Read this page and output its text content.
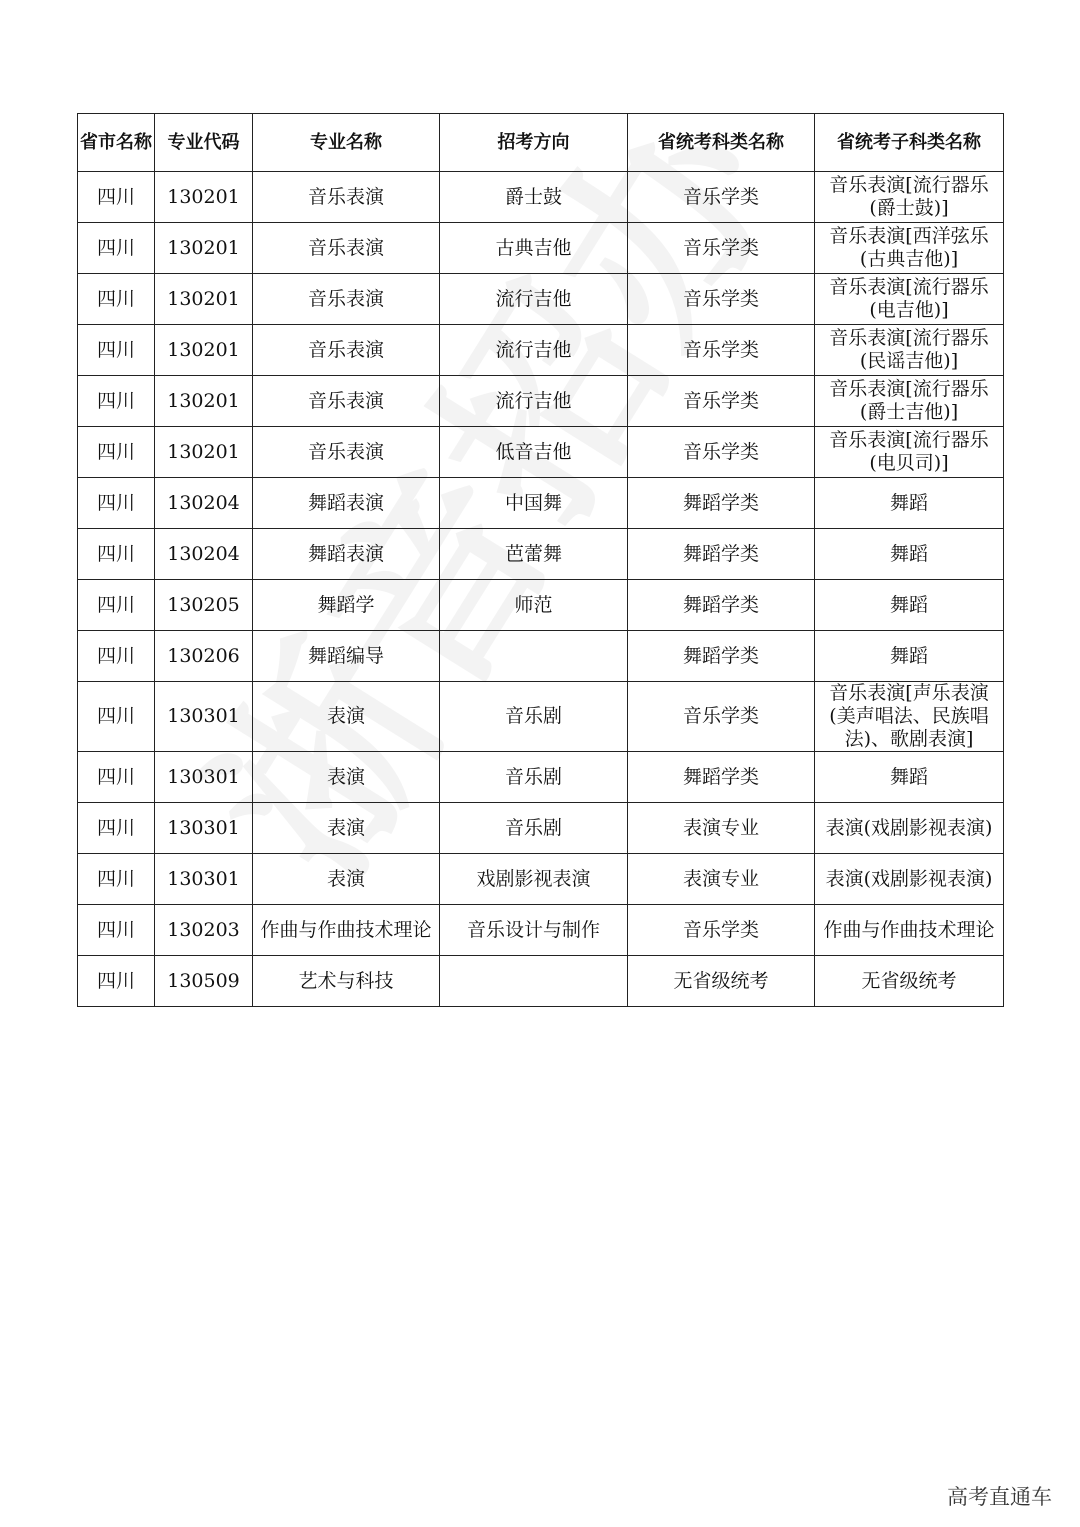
省市名称	专业代码	专业名称	招考方向	省统考科类名称	省统考子科类名称
四川	130201	音乐表演	爵士鼓	音乐学类	音乐表演[流行器乐(爵士鼓)]
四川	130201	音乐表演	古典吉他	音乐学类	音乐表演[西洋弦乐(古典吉他)]
四川	130201	音乐表演	流行吉他	音乐学类	音乐表演[流行器乐(电吉他)]
四川	130201	音乐表演	流行吉他	音乐学类	音乐表演[流行器乐(民谣吉他)]
四川	130201	音乐表演	流行吉他	音乐学类	音乐表演[流行器乐(爵士吉他)]
四川	130201	音乐表演	低音吉他	音乐学类	音乐表演[流行器乐(电贝司)]
四川	130204	舞蹈表演	中国舞	舞蹈学类	舞蹈
四川	130204	舞蹈表演	芭蕾舞	舞蹈学类	舞蹈
四川	130205	舞蹈学	师范	舞蹈学类	舞蹈
四川	130206	舞蹈编导		舞蹈学类	舞蹈
四川	130301	表演	音乐剧	音乐学类	音乐表演[声乐表演(美声唱法、民族唱法)、歌剧表演]
四川	130301	表演	音乐剧	舞蹈学类	舞蹈
四川	130301	表演	音乐剧	表演专业	表演(戏剧影视表演)
四川	130301	表演	戏剧影视表演	表演专业	表演(戏剧影视表演)
四川	130203	作曲与作曲技术理论	音乐设计与制作	音乐学类	作曲与作曲技术理论
四川	130509	艺术与科技		无省级统考	无省级统考
高考直通车
